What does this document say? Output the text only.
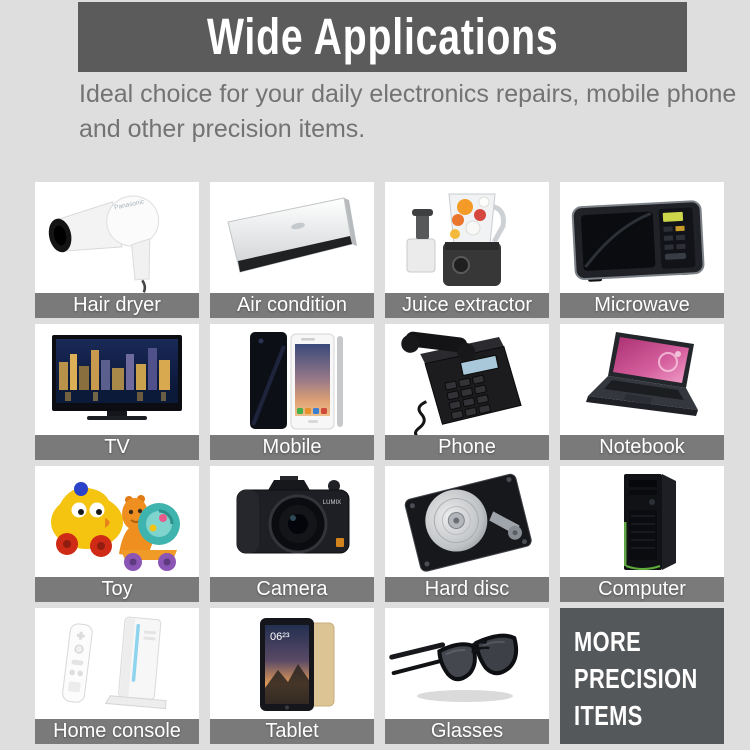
Wide Applications
Ideal choice for your daily electronics repairs, mobile phone and other precision items.
Panasonic
Hair dryer	Air condition	Juice extractor	Microwave
TV	Mobile	Phone	Notebook
Toy
LUMIX
Camera	Hard disc	Computer
Home console
06²³
Tablet	Glasses
MORE
PRECISION
ITEMS
